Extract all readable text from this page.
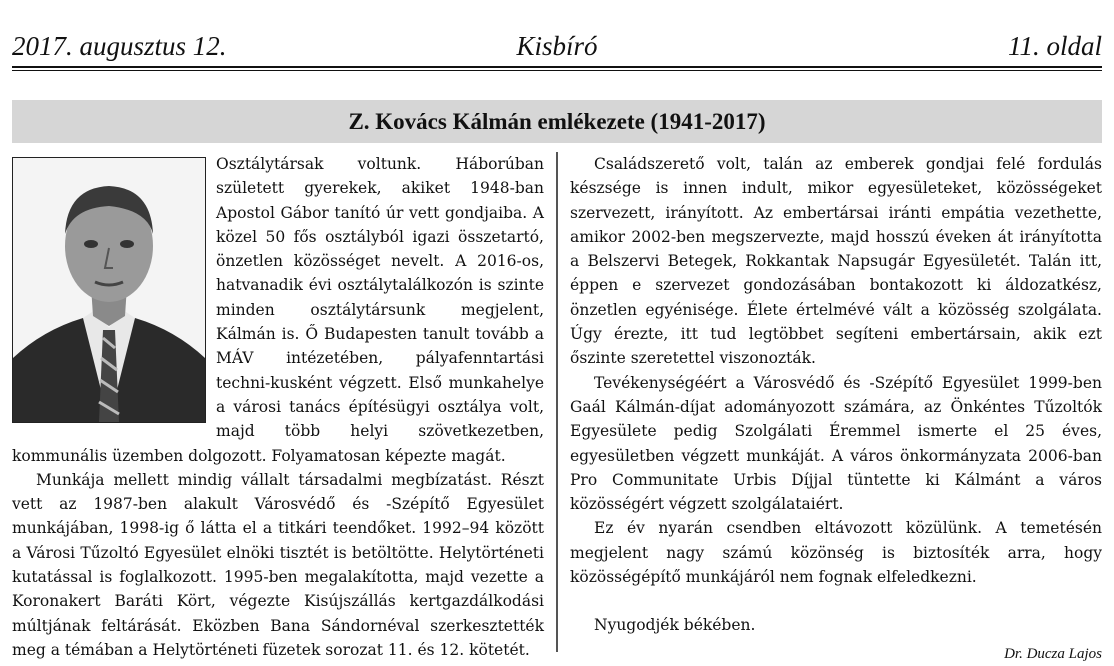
2017. augusztus 12.	Kisbíró	11. oldal
Z. Kovács Kálmán emlékezete (1941-2017)

Osztálytársak voltunk. Háborúban született gyerekek, akiket 1948-ban Apostol Gábor tanító úr vett gondjaiba. A közel 50 fős osztályból igazi összetartó, önzetlen közösséget nevelt. A 2016-os, hatvanadik évi osztálytalálkozón is szinte minden osztálytársunk megjelent, Kálmán is. Ő Budapesten tanult tovább a MÁV intézetében, pályafenntartási techni-kusként végzett. Első munkahelye a városi tanács építésügyi osztálya volt, majd több helyi szövetkezetben, kommunális üzemben dolgozott. Folyamatosan képezte magát.

Munkája mellett mindig vállalt társadalmi megbízatást. Részt vett az 1987-ben alakult Városvédő és -Szépítő Egyesület munkájában, 1998-ig ő látta el a titkári teendőket. 1992–94 között a Városi Tűzoltó Egyesület elnöki tisztét is betöltötte. Helytörténeti kutatással is foglalkozott. 1995-ben megalakította, majd vezette a Koronakert Baráti Kört, végezte Kisújszállás kertgazdálkodási múltjának feltárását. Eközben Bana Sándornéval szerkesztették meg a témában a Helytörténeti füzetek sorozat 11. és 12. kötetét.

Családszerető volt, talán az emberek gondjai felé fordulás készsége is innen indult, mikor egyesületeket, közösségeket szervezett, irányított. Az embertársai iránti empátia vezethette, amikor 2002-ben megszervezte, majd hosszú éveken át irányította a Belszervi Betegek, Rokkantak Napsugár Egyesületét. Talán itt, éppen e szervezet gondozásában bontakozott ki áldozatkész, önzetlen egyénisége. Élete értelmévé vált a közösség szolgálata. Úgy érezte, itt tud legtöbbet segíteni embertársain, akik ezt őszinte szeretettel viszonozták.

Tevékenységéért a Városvédő és -Szépítő Egyesület 1999-ben Gaál Kálmán-díjat adományozott számára, az Önkéntes Tűzoltók Egyesülete pedig Szolgálati Éremmel ismerte el 25 éves, egyesületben végzett munkáját. A város önkormányzata 2006-ban Pro Communitate Urbis Díjjal tüntette ki Kálmánt a város közösségért végzett szolgálataiért.

Ez év nyarán csendben eltávozott közülünk. A temetésén megjelent nagy számú közönség is biztosíték arra, hogy közösségépítő munkájáról nem fognak elfeledkezni.

Nyugodjék békében.

Dr. Ducza Lajos
